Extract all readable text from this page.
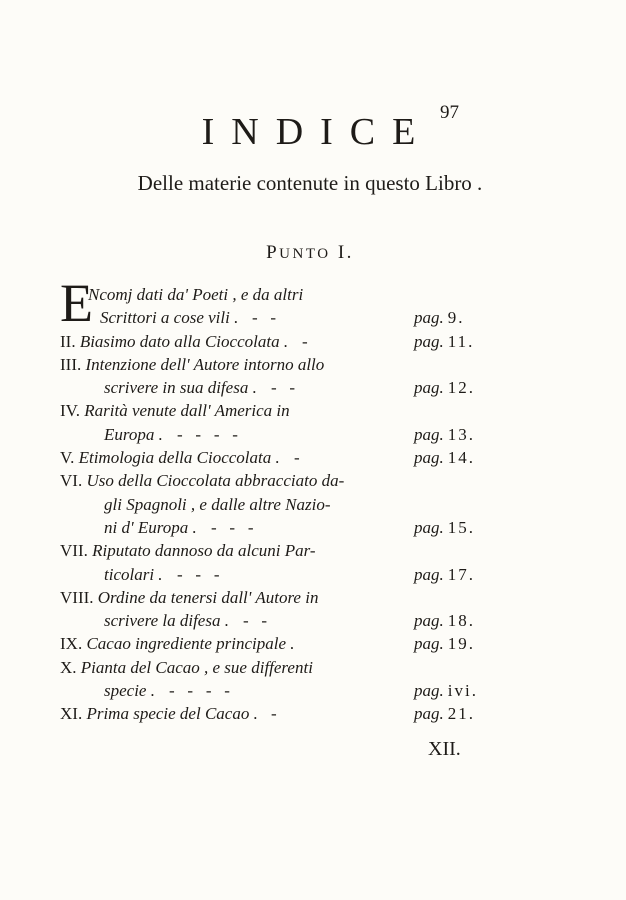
97
INDICE
Delle materie contenute in questo Libro .
PUNTO I.
E
Ncomj dati da' Poeti , e da altri
Scrittori a cose vili . -   -	pag. 9.
II. Biasimo dato alla Cioccolata . -	pag. 11.
III. Intenzione dell' Autore intorno allo
scrivere in sua difesa . -   -	pag. 12.
IV. Rarità venute dall' America in
Europa . -   -   -   -	pag. 13.
V. Etimologia della Cioccolata . -	pag. 14.
VI. Uso della Cioccolata abbracciato da-
gli Spagnoli , e dalle altre Nazio-
ni d' Europa . -   -   -	pag. 15.
VII. Riputato dannoso da alcuni Par-
ticolari . -   -   -	pag. 17.
VIII. Ordine da tenersi dall' Autore in
scrivere la difesa . -   -	pag. 18.
IX. Cacao ingrediente principale .	pag. 19.
X. Pianta del Cacao , e sue differenti
specie . -   -   -   -	pag. ivi.
XI. Prima specie del Cacao . -	pag. 21.
XII.
